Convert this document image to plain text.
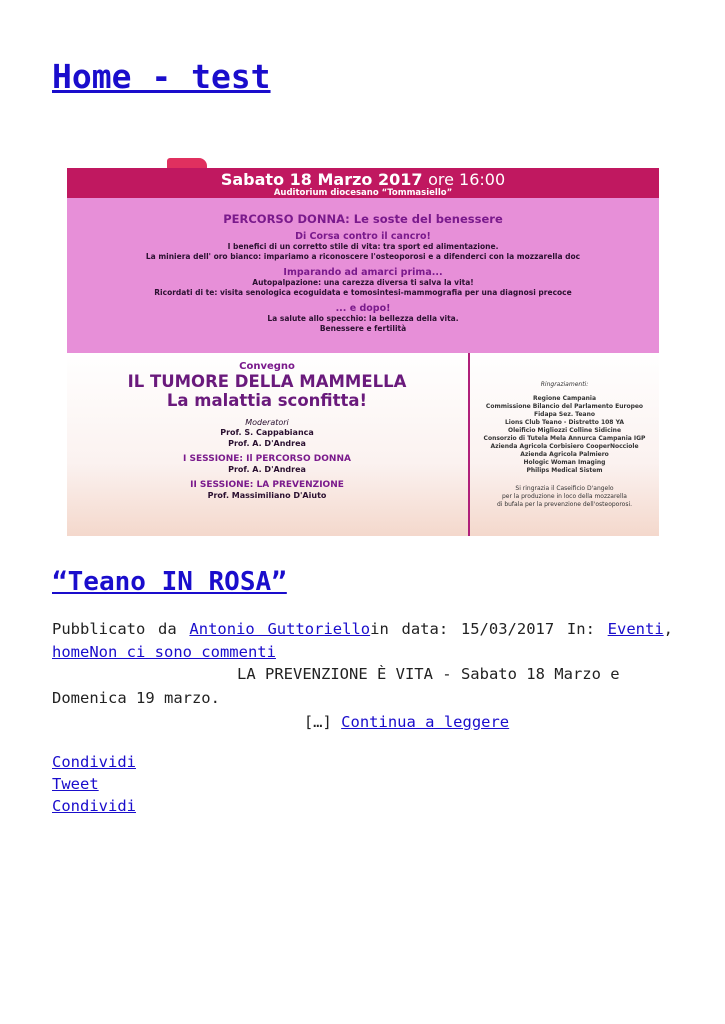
Home - test
Sabato 18 Marzo 2017 ore 16:00
Auditorium diocesano “Tommasiello”
PERCORSO DONNA: Le soste del benessere
Di Corsa contro il cancro!
I benefici di un corretto stile di vita: tra sport ed alimentazione.
La miniera dell' oro bianco: impariamo a riconoscere l'osteoporosi e a difenderci con la mozzarella doc
Imparando ad amarci prima...
Autopalpazione: una carezza diversa ti salva la vita!
Ricordati di te: visita senologica ecoguidata e tomosintesi-mammografia per una diagnosi precoce
... e dopo!
La salute allo specchio: la bellezza della vita.
Benessere e fertilità
Convegno
IL TUMORE DELLA MAMMELLA
La malattia sconfitta!
Moderatori
Prof. S. Cappabianca
Prof. A. D'Andrea
I SESSIONE: Il PERCORSO DONNA
Prof. A. D'Andrea
II SESSIONE: LA PREVENZIONE
Prof. Massimiliano D'Aiuto
Ringraziamenti:
Regione Campania
Commissione Bilancio del Parlamento Europeo
Fidapa Sez. Teano
Lions Club Teano - Distretto 108 YA
Oleificio Migliozzi Colline Sidicine
Consorzio di Tutela Mela Annurca Campania IGP
Azienda Agricola Corbisiero CooperNocciole
Azienda Agricola Palmiero
Hologic Woman Imaging
Philips Medical Sistem
Si ringrazia il Caseificio D'angelo
per la produzione in loco della mozzarella
di bufala per la prevenzione dell'osteoporosi.
“Teano IN ROSA”
Pubblicato da Antonio Guttorielloin data: 15/03/2017 In: Eventi, homeNon ci sono commenti
LA PREVENZIONE È VITA - Sabato 18 Marzo e Domenica 19 marzo.
[…] Continua a leggere
Condividi
Tweet
Condividi
